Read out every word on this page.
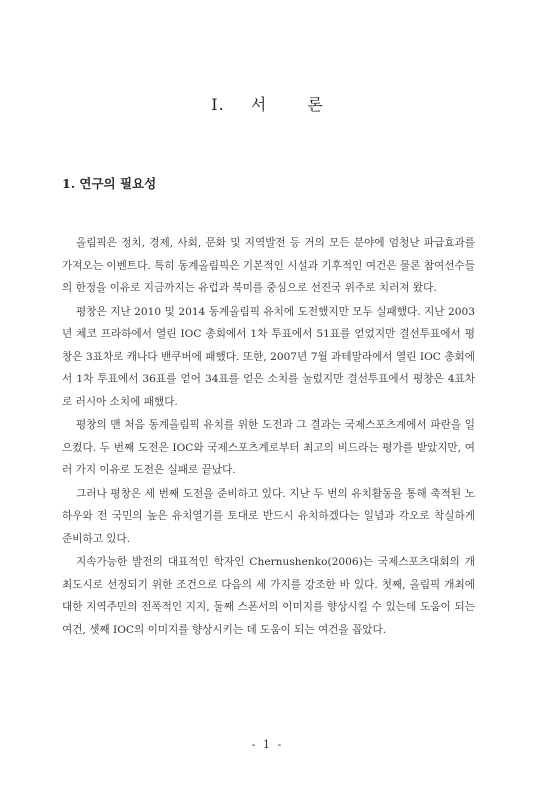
Ⅰ. 서 론
1. 연구의 필요성

올림픽은 정치, 경제, 사회, 문화 및 지역발전 등 거의 모든 분야에 엄청난 파급효과를 가져오는 이벤트다. 특히 동계올림픽은 기본적인 시설과 기후적인 여건은 물론 참여선수들의 한정을 이유로 지금까지는 유럽과 북미를 중심으로 선진국 위주로 치러져 왔다.

평창은 지난 2010 및 2014 동계올림픽 유치에 도전했지만 모두 실패했다. 지난 2003년 체코 프라하에서 열린 IOC 총회에서 1차 투표에서 51표를 얻었지만 결선투표에서 평창은 3표차로 캐나다 밴쿠버에 패했다. 또한, 2007년 7월 과테말라에서 열린 IOC 총회에서 1차 투표에서 36표를 얻어 34표를 얻은 소치를 눌렀지만 결선투표에서 평창은 4표차로 러시아 소치에 패했다.

평창의 맨 처음 동계올림픽 유치를 위한 도전과 그 결과는 국제스포츠계에서 파란을 일으켰다. 두 번째 도전은 IOC와 국제스포츠계로부터 최고의 비드라는 평가를 받았지만, 여러 가지 이유로 도전은 실패로 끝났다.

그러나 평창은 세 번째 도전을 준비하고 있다. 지난 두 번의 유치활동을 통해 축적된 노하우와 전 국민의 높은 유치열기를 토대로 반드시 유치하겠다는 일념과 각오로 착실하게 준비하고 있다.

지속가능한 발전의 대표적인 학자인 Chernushenko(2006)는 국제스포츠대회의 개최도시로 선정되기 위한 조건으로 다음의 세 가지를 강조한 바 있다. 첫째, 올림픽 개최에 대한 지역주민의 전폭적인 지지, 둘째 스폰서의 이미지를 향상시킬 수 있는데 도움이 되는 여건, 셋째 IOC의 이미지를 향상시키는 데 도움이 되는 여건을 꼽았다.

- 1 -
